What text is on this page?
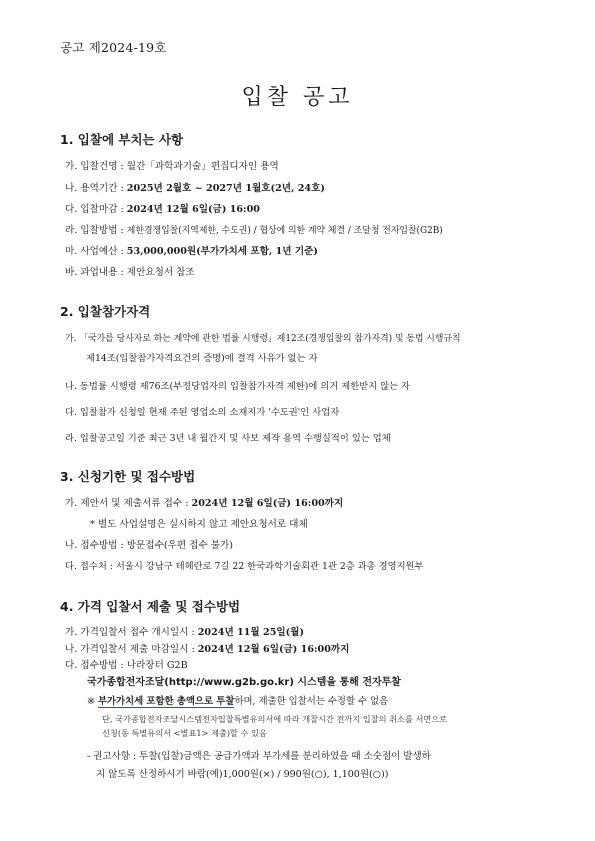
공고 제2024-19호
입찰 공고
1. 입찰에 부치는 사항
가. 입찰건명 : 월간「과학과기술」편집디자인 용역
나. 용역기간 : 2025년 2월호 ~ 2027년 1월호(2년, 24호)
다. 입찰마감 : 2024년 12월 6일(금) 16:00
라. 입찰방법 : 제한경쟁입찰(지역제한, 수도권) / 협상에 의한 계약 체결 / 조달청 전자입찰(G2B)
마. 사업예산 : 53,000,000원(부가가치세 포함, 1년 기준)
바. 과업내용 : 제안요청서 참조
2. 입찰참가자격
가. 「국가를 당사자로 하는 계약에 관한 법률 시행령」제12조(경쟁입찰의 참가자격) 및 동법 시행규칙
제14조(입찰참가자격요건의 증명)에 결격 사유가 없는 자
나. 동법률 시행령 제76조(부정당업자의 입찰참가자격 제한)에 의거 제한받지 않는 자
다. 입찰참가 신청일 현재 주된 영업소의 소재지가 '수도권'인 사업자
라. 입찰공고일 기준 최근 3년 내 월간지 및 사보 제작 용역 수행실적이 있는 업체
3. 신청기한 및 접수방법
가. 제안서 및 제출서류 접수 : 2024년 12월 6일(금) 16:00까지
* 별도 사업설명은 실시하지 않고 제안요청서로 대체
나. 접수방법 : 방문접수(우편 접수 불가)
다. 접수처 : 서울시 강남구 테헤란로 7길 22 한국과학기술회관 1관 2층 과총 경영지원부
4. 가격 입찰서 제출 및 접수방법
가. 가격입찰서 접수 개시일시 : 2024년 11월 25일(월)
나. 가격입찰서 제출 마감일시 : 2024년 12월 6일(금) 16:00까지
다. 접수방법 : 나라장터 G2B
국가종합전자조달(http://www.g2b.go.kr) 시스템을 통해 전자투찰
※ 부가가치세 포함한 총액으로 투찰하며, 제출한 입찰서는 수정할 수 없음
단, 국가종합전자조달시스템전자입찰특별유의서에 따라 개찰시간 전까지 입찰의 취소를 서면으로
신청(동 특별유의서 <별표1> 제출)할 수 있음
- 권고사항 : 투찰(입찰)금액은 공급가액과 부가세를 분리하였을 때 소숫점이 발생하
지 않도록 산정하시기 바람(예)1,000원(×) / 990원(○), 1,100원(○))
